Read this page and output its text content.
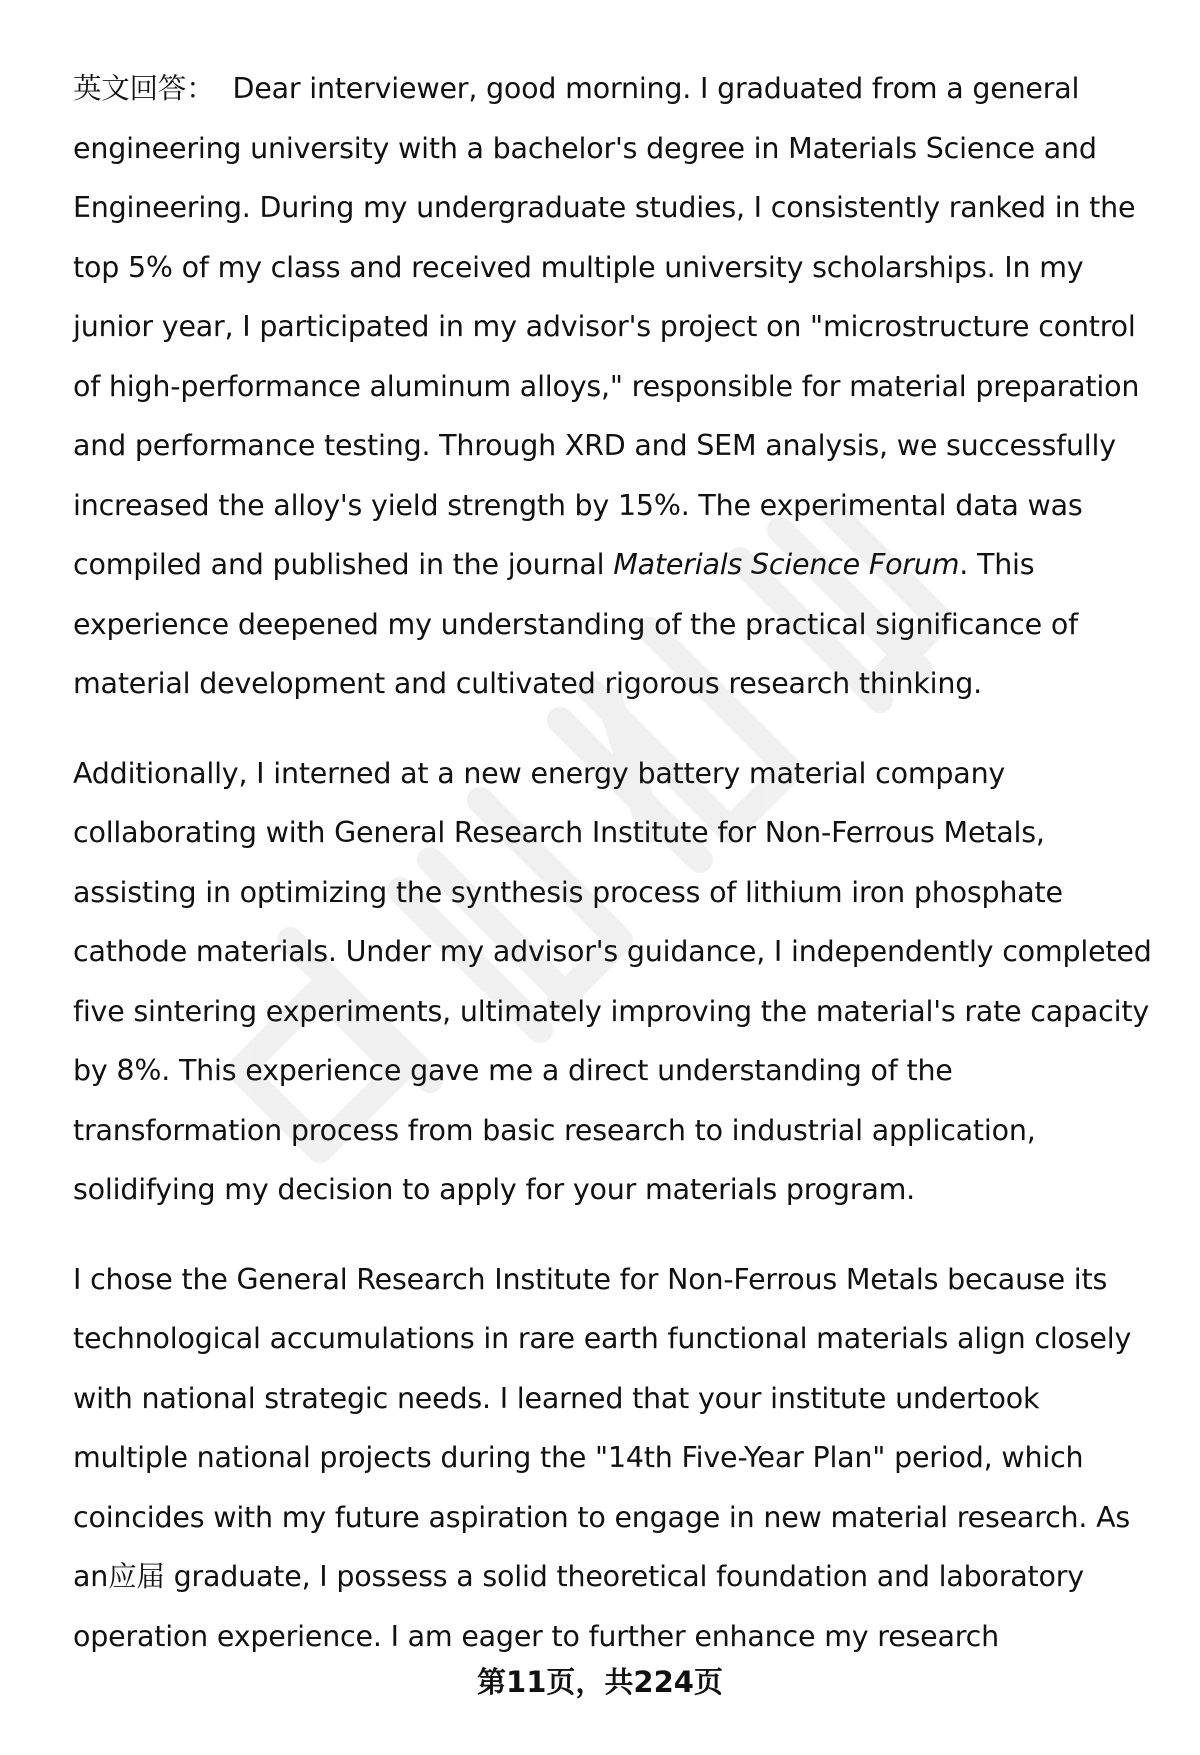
英文回答： Dear interviewer, good morning. I graduated from a general engineering university with a bachelor's degree in Materials Science and Engineering. During my undergraduate studies, I consistently ranked in the top 5% of my class and received multiple university scholarships. In my junior year, I participated in my advisor's project on "microstructure control of high-performance aluminum alloys," responsible for material preparation and performance testing. Through XRD and SEM analysis, we successfully increased the alloy's yield strength by 15%. The experimental data was compiled and published in the journal Materials Science Forum. This experience deepened my understanding of the practical significance of material development and cultivated rigorous research thinking.

Additionally, I interned at a new energy battery material company collaborating with General Research Institute for Non-Ferrous Metals, assisting in optimizing the synthesis process of lithium iron phosphate cathode materials. Under my advisor's guidance, I independently completed five sintering experiments, ultimately improving the material's rate capacity by 8%. This experience gave me a direct understanding of the transformation process from basic research to industrial application, solidifying my decision to apply for your materials program.

I chose the General Research Institute for Non-Ferrous Metals because its technological accumulations in rare earth functional materials align closely with national strategic needs. I learned that your institute undertook multiple national projects during the "14th Five-Year Plan" period, which coincides with my future aspiration to engage in new material research. As an应届 graduate, I possess a solid theoretical foundation and laboratory operation experience. I am eager to further enhance my research

第11页，共224页
